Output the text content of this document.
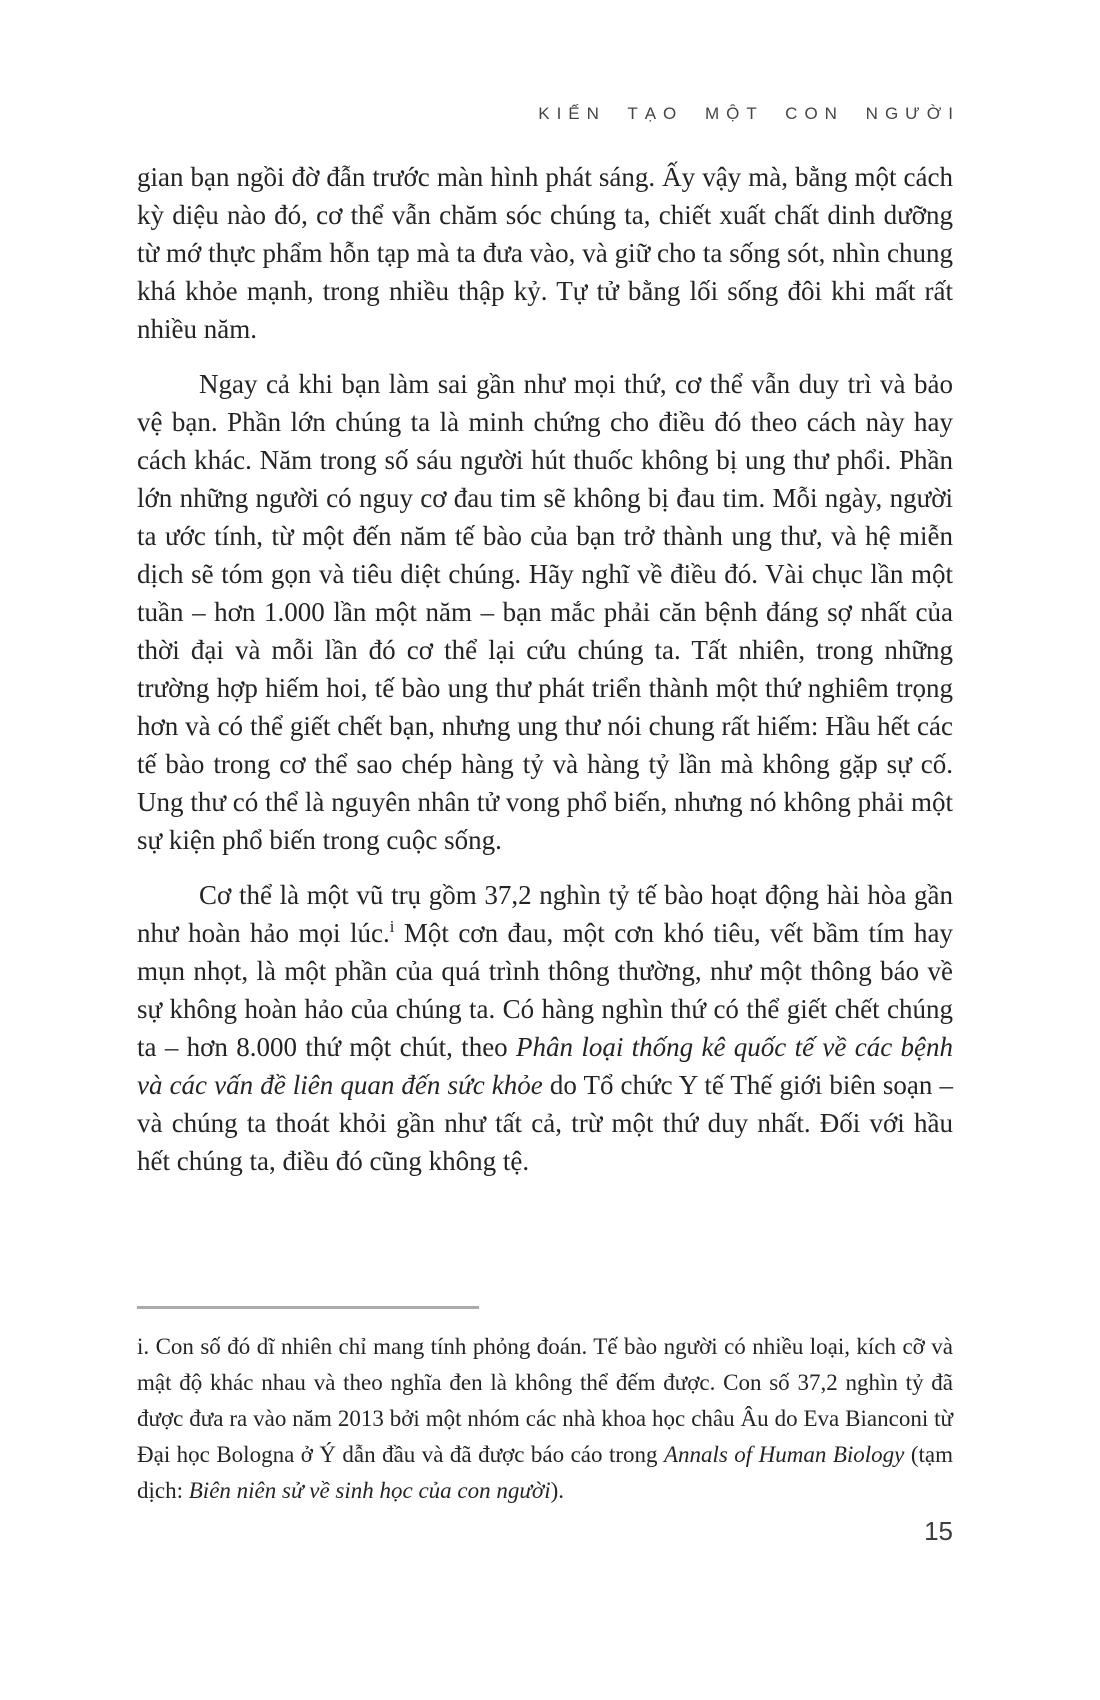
KIẾN TẠO MỘT CON NGƯỜI

gian bạn ngồi đờ đẫn trước màn hình phát sáng. Ấy vậy mà, bằng một cách kỳ diệu nào đó, cơ thể vẫn chăm sóc chúng ta, chiết xuất chất dinh dưỡng từ mớ thực phẩm hỗn tạp mà ta đưa vào, và giữ cho ta sống sót, nhìn chung khá khỏe mạnh, trong nhiều thập kỷ. Tự tử bằng lối sống đôi khi mất rất nhiều năm.

Ngay cả khi bạn làm sai gần như mọi thứ, cơ thể vẫn duy trì và bảo vệ bạn. Phần lớn chúng ta là minh chứng cho điều đó theo cách này hay cách khác. Năm trong số sáu người hút thuốc không bị ung thư phổi. Phần lớn những người có nguy cơ đau tim sẽ không bị đau tim. Mỗi ngày, người ta ước tính, từ một đến năm tế bào của bạn trở thành ung thư, và hệ miễn dịch sẽ tóm gọn và tiêu diệt chúng. Hãy nghĩ về điều đó. Vài chục lần một tuần – hơn 1.000 lần một năm – bạn mắc phải căn bệnh đáng sợ nhất của thời đại và mỗi lần đó cơ thể lại cứu chúng ta. Tất nhiên, trong những trường hợp hiếm hoi, tế bào ung thư phát triển thành một thứ nghiêm trọng hơn và có thể giết chết bạn, nhưng ung thư nói chung rất hiếm: Hầu hết các tế bào trong cơ thể sao chép hàng tỷ và hàng tỷ lần mà không gặp sự cố. Ung thư có thể là nguyên nhân tử vong phổ biến, nhưng nó không phải một sự kiện phổ biến trong cuộc sống.

Cơ thể là một vũ trụ gồm 37,2 nghìn tỷ tế bào hoạt động hài hòa gần như hoàn hảo mọi lúc.$^i$ Một cơn đau, một cơn khó tiêu, vết bầm tím hay mụn nhọt, là một phần của quá trình thông thường, như một thông báo về sự không hoàn hảo của chúng ta. Có hàng nghìn thứ có thể giết chết chúng ta – hơn 8.000 thứ một chút, theo Phân loại thống kê quốc tế về các bệnh và các vấn đề liên quan đến sức khỏe do Tổ chức Y tế Thế giới biên soạn – và chúng ta thoát khỏi gần như tất cả, trừ một thứ duy nhất. Đối với hầu hết chúng ta, điều đó cũng không tệ.

i. Con số đó dĩ nhiên chỉ mang tính phỏng đoán. Tế bào người có nhiều loại, kích cỡ và mật độ khác nhau và theo nghĩa đen là không thể đếm được. Con số 37,2 nghìn tỷ đã được đưa ra vào năm 2013 bởi một nhóm các nhà khoa học châu Âu do Eva Bianconi từ Đại học Bologna ở Ý dẫn đầu và đã được báo cáo trong Annals of Human Biology (tạm dịch: Biên niên sử về sinh học của con người).
15
